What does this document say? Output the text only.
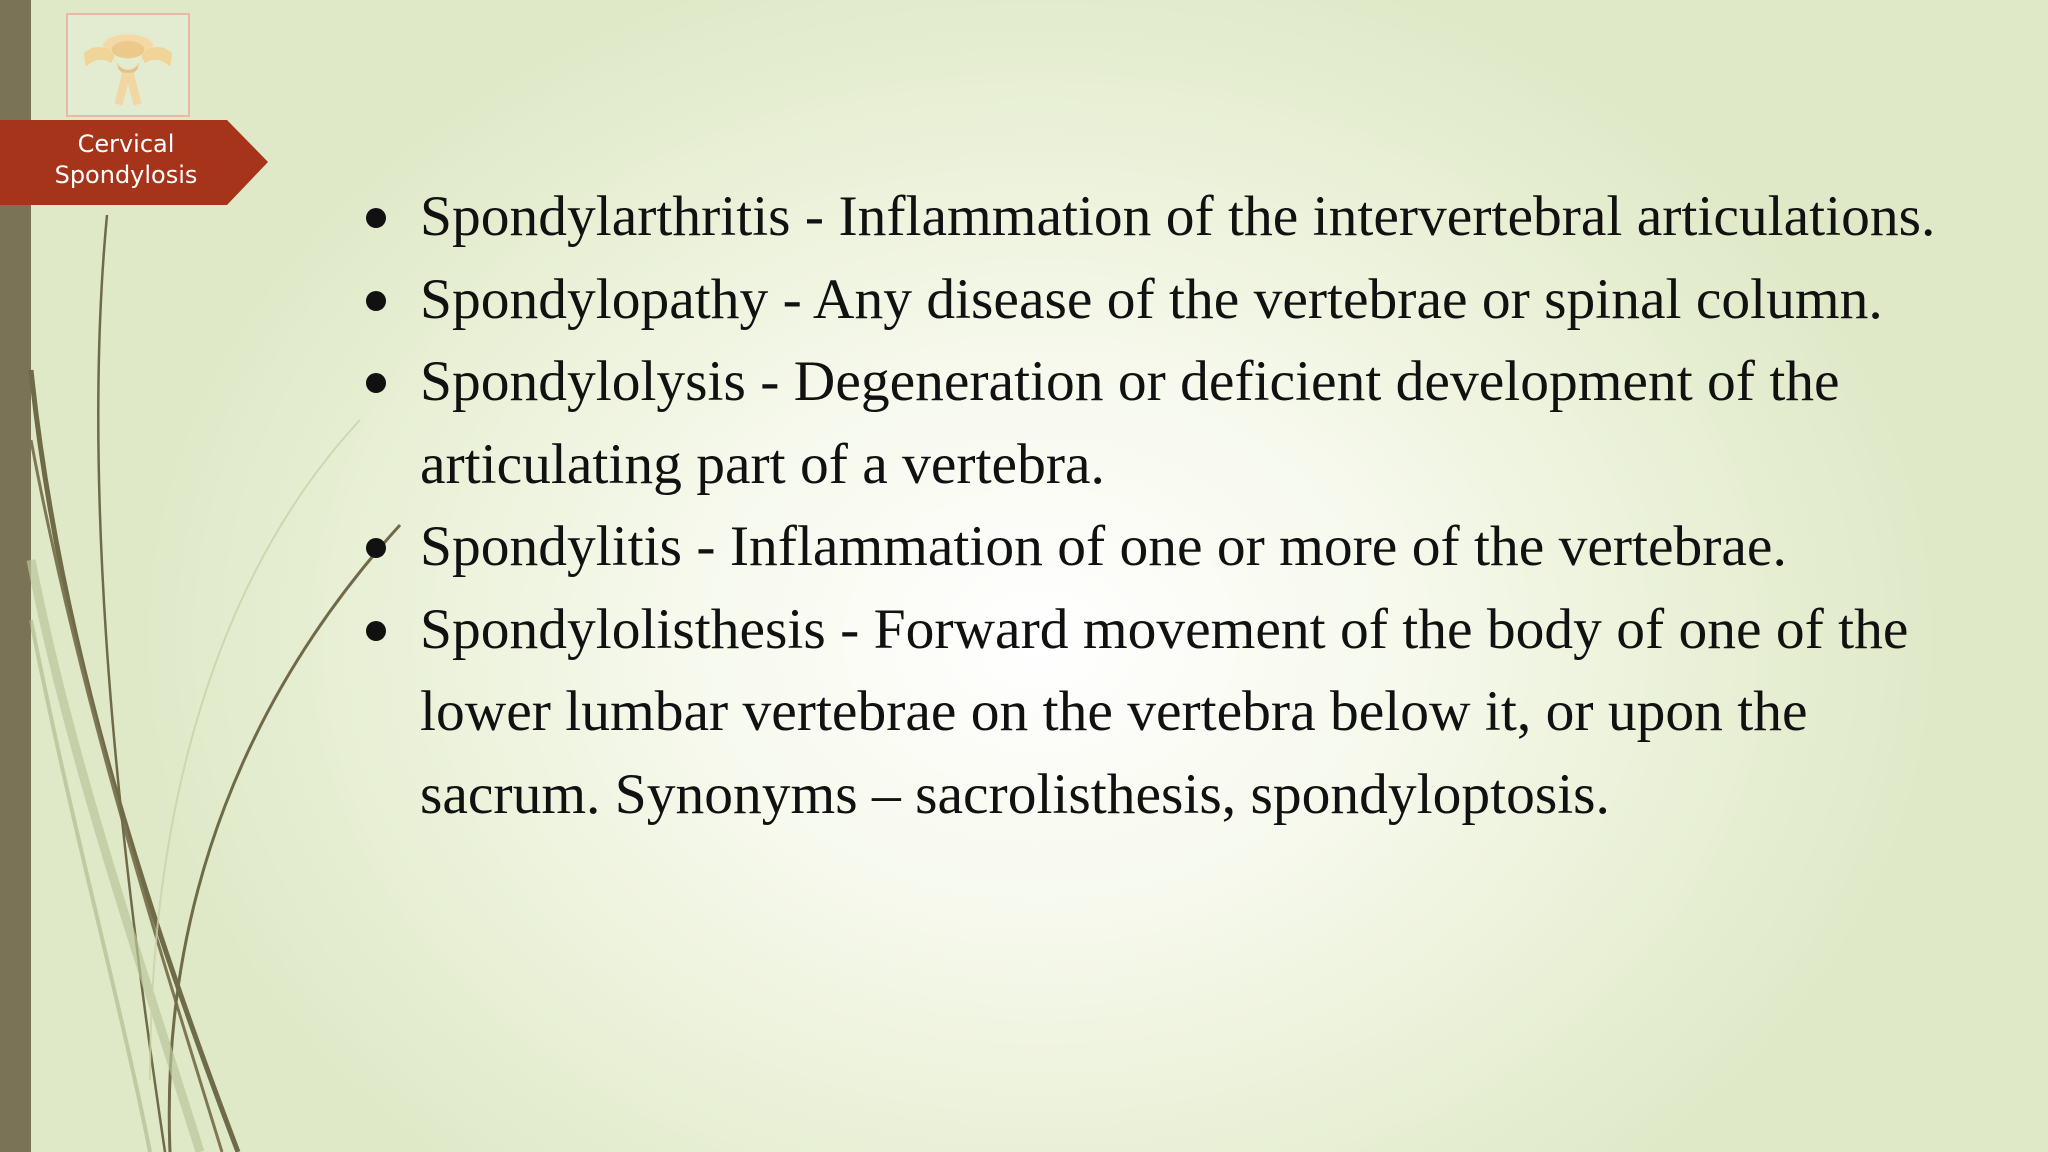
Cervical
Spondylosis
Spondylarthritis - Inflammation of the intervertebral articulations.
Spondylopathy - Any disease of the vertebrae or spinal column.
Spondylolysis - Degeneration or deficient development of the articulating part of a vertebra.
Spondylitis - Inflammation of one or more of the vertebrae.
Spondylolisthesis - Forward movement of the body of one of the lower lumbar vertebrae on the vertebra below it, or upon the sacrum. Synonyms – sacrolisthesis, spondyloptosis.
